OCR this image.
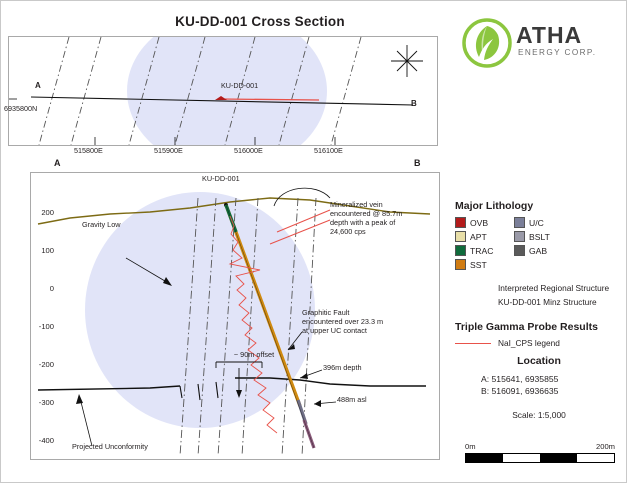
KU-DD-001 Cross Section
ATHA
ENERGY CORP.
A
B
KU-DD-001
6935800N
515800E	515900E	516000E	516100E
A	B
200
100
0
-100
-200
-300
-400
Gravity Low
Mineralized vein encountered @ 85.7m depth with a peak of 24,600 cps
Graphitic Fault encountered over 23.3 m at upper UC contact
~ 90m offset
396m depth
488m asl
Projected Unconformity
KU-DD-001
Major Lithology
OVB	U/C
APT	BSLT
TRAC	GAB
SST
Interpreted Regional Structure
KU-DD-001 Minz Structure
Triple Gamma Probe Results
NaI_CPS legend
Location
A: 515641, 6935855
B: 516091, 6936635
Scale: 1:5,000
0m	200m
